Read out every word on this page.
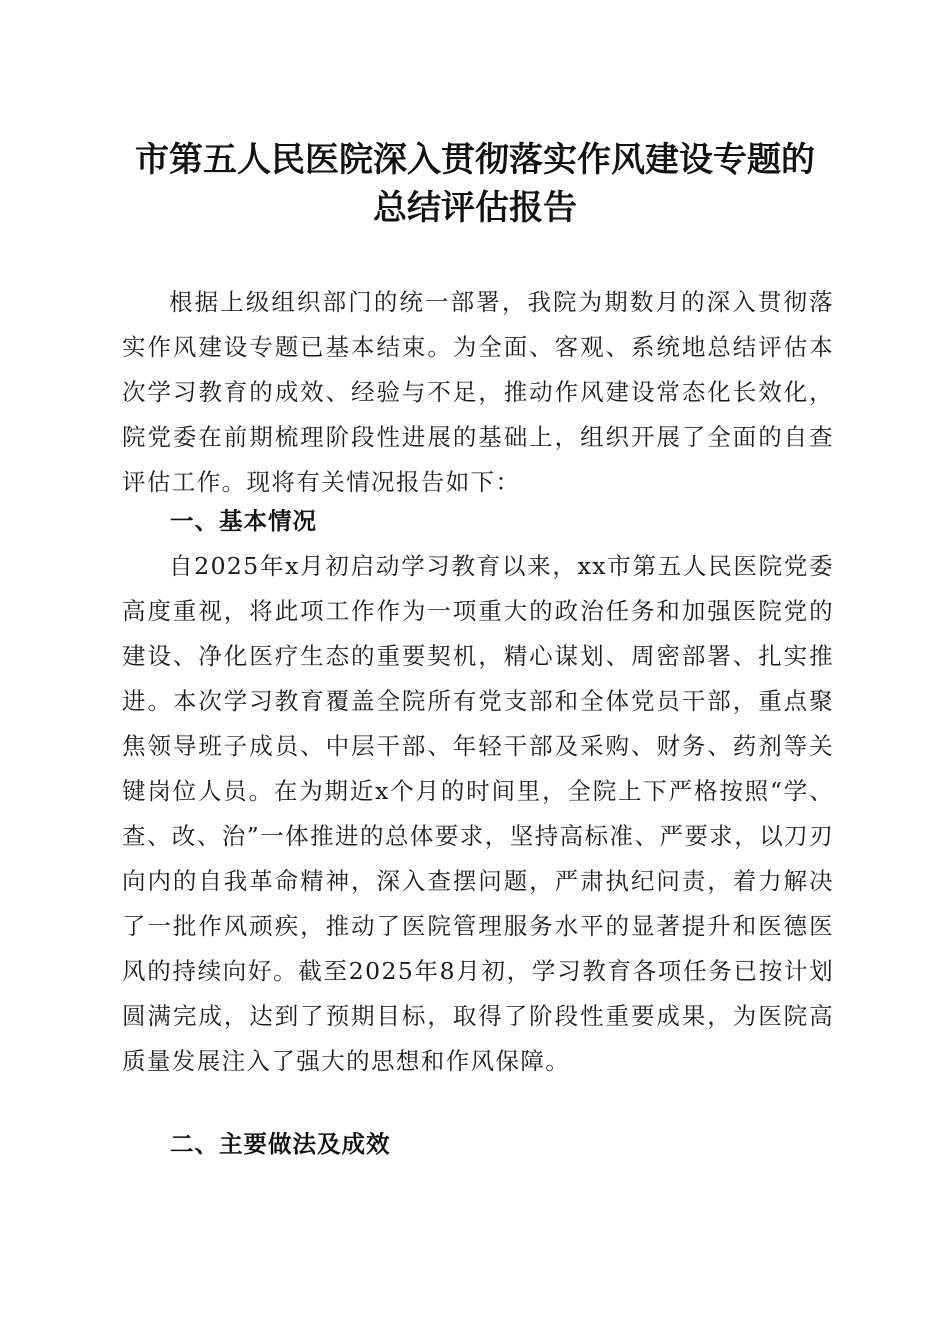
市第五人民医院深入贯彻落实作风建设专题的
总结评估报告

根据上级组织部门的统一部署，我院为期数月的深入贯彻落实作风建设专题已基本结束。为全面、客观、系统地总结评估本次学习教育的成效、经验与不足，推动作风建设常态化长效化，院党委在前期梳理阶段性进展的基础上，组织开展了全面的自查评估工作。现将有关情况报告如下：

一、基本情况

自2025年x月初启动学习教育以来，xx市第五人民医院党委高度重视，将此项工作作为一项重大的政治任务和加强医院党的建设、净化医疗生态的重要契机，精心谋划、周密部署、扎实推进。本次学习教育覆盖全院所有党支部和全体党员干部，重点聚焦领导班子成员、中层干部、年轻干部及采购、财务、药剂等关键岗位人员。在为期近x个月的时间里，全院上下严格按照“学、查、改、治”一体推进的总体要求，坚持高标准、严要求，以刀刃向内的自我革命精神，深入查摆问题，严肃执纪问责，着力解决了一批作风顽疾，推动了医院管理服务水平的显著提升和医德医风的持续向好。截至2025年8月初，学习教育各项任务已按计划圆满完成，达到了预期目标，取得了阶段性重要成果，为医院高质量发展注入了强大的思想和作风保障。

二、主要做法及成效
